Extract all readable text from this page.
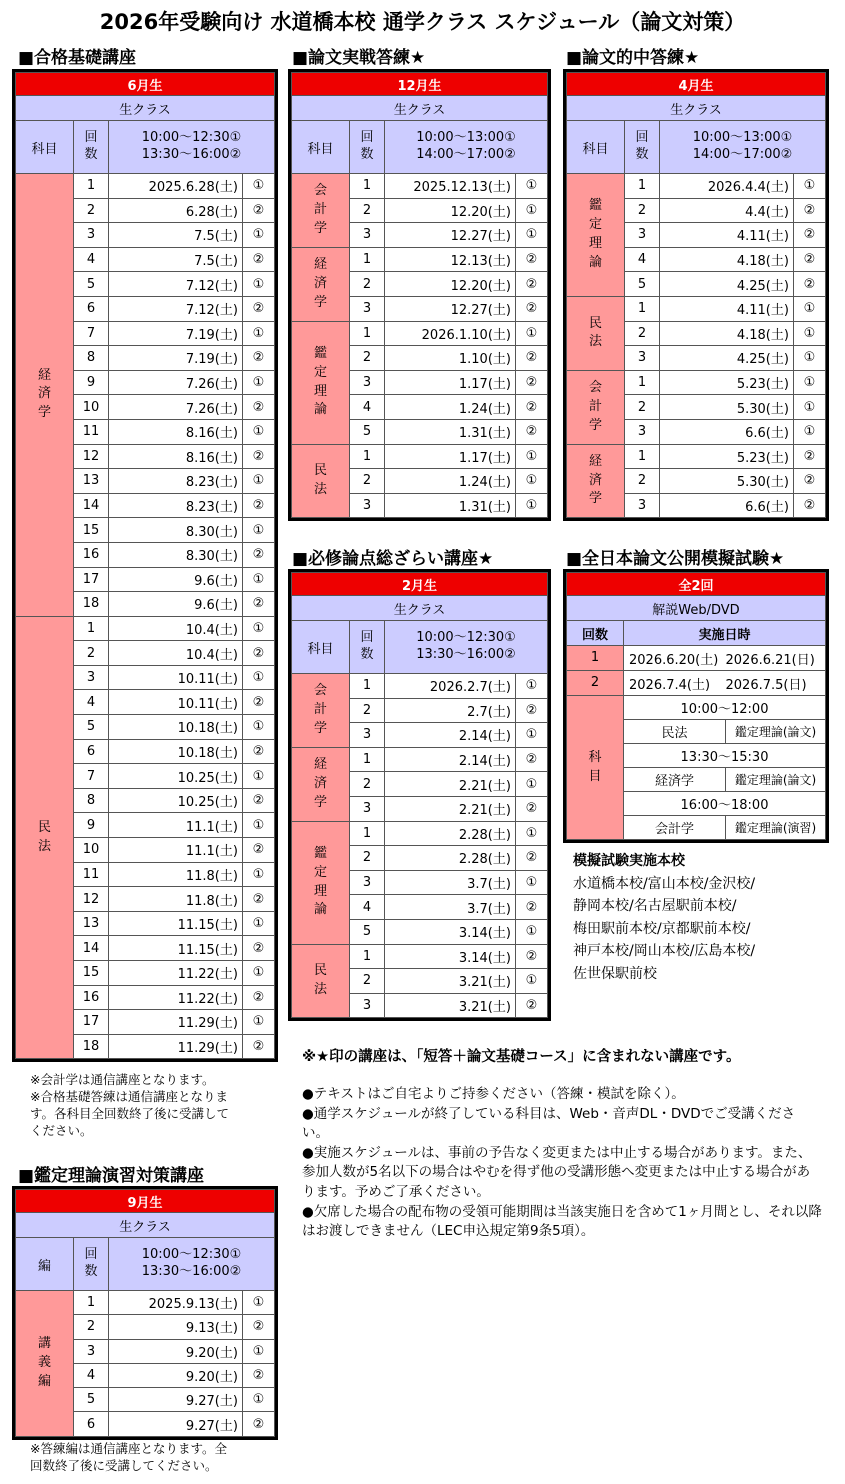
2026年受験向け 水道橋本校 通学クラス スケジュール（論文対策）
■合格基礎講座	■論文実戦答練★	■論文的中答練★
■必修論点総ざらい講座★	■全日本論文公開模擬試験★
■鑑定理論演習対策講座
6月生			
生クラス			
科目	回
数	10:00～12:30①
13:30～16:00②	
経
済
学	1	2025.6.28(土)	①
	2	6.28(土)	②
	3	7.5(土)	①
	4	7.5(土)	②
	5	7.12(土)	①
	6	7.12(土)	②
	7	7.19(土)	①
	8	7.19(土)	②
	9	7.26(土)	①
	10	7.26(土)	②
	11	8.16(土)	①
	12	8.16(土)	②
	13	8.23(土)	①
	14	8.23(土)	②
	15	8.30(土)	①
	16	8.30(土)	②
	17	9.6(土)	①
	18	9.6(土)	②
民
法	1	10.4(土)	①
	2	10.4(土)	②
	3	10.11(土)	①
	4	10.11(土)	②
	5	10.18(土)	①
	6	10.18(土)	②
	7	10.25(土)	①
	8	10.25(土)	②
	9	11.1(土)	①
	10	11.1(土)	②
	11	11.8(土)	①
	12	11.8(土)	②
	13	11.15(土)	①
	14	11.15(土)	②
	15	11.22(土)	①
	16	11.22(土)	②
	17	11.29(土)	①
	18	11.29(土)	②
12月生			
生クラス			
科目	回
数	10:00～13:00①
14:00～17:00②	
会
計
学	1	2025.12.13(土)	①
	2	12.20(土)	①
	3	12.27(土)	①
経
済
学	1	12.13(土)	②
	2	12.20(土)	②
	3	12.27(土)	②
鑑
定
理
論	1	2026.1.10(土)	①
	2	1.10(土)	②
	3	1.17(土)	②
	4	1.24(土)	②
	5	1.31(土)	②
民
法	1	1.17(土)	①
	2	1.24(土)	①
	3	1.31(土)	①
4月生			
生クラス			
科目	回
数	10:00～13:00①
14:00～17:00②	
鑑
定
理
論	1	2026.4.4(土)	①
	2	4.4(土)	②
	3	4.11(土)	②
	4	4.18(土)	②
	5	4.25(土)	②
民
法	1	4.11(土)	①
	2	4.18(土)	①
	3	4.25(土)	①
会
計
学	1	5.23(土)	①
	2	5.30(土)	①
	3	6.6(土)	①
経
済
学	1	5.23(土)	②
	2	5.30(土)	②
	3	6.6(土)	②
2月生			
生クラス			
科目	回
数	10:00～12:30①
13:30～16:00②	
会
計
学	1	2026.2.7(土)	①
	2	2.7(土)	②
	3	2.14(土)	①
経
済
学	1	2.14(土)	②
	2	2.21(土)	①
	3	2.21(土)	②
鑑
定
理
論	1	2.28(土)	①
	2	2.28(土)	②
	3	3.7(土)	①
	4	3.7(土)	②
	5	3.14(土)	①
民
法	1	3.14(土)	②
	2	3.21(土)	①
	3	3.21(土)	②
9月生			
生クラス			
編	回
数	10:00～12:30①
13:30～16:00②	
講
義
編	1	2025.9.13(土)	①
	2	9.13(土)	②
	3	9.20(土)	①
	4	9.20(土)	②
	5	9.27(土)	①
	6	9.27(土)	②
全2回		
解説Web/DVD		
回数	実施日時	
1	2026.6.20(土)	2026.6.21(日)
2	2026.7.4(土)	2026.7.5(日)
科
目	10:00～12:00	
	民法	鑑定理論(論文)
	13:30～15:30	
	経済学	鑑定理論(論文)
	16:00～18:00	
	会計学	鑑定理論(演習)
模擬試験実施本校
水道橋本校/富山本校/金沢校/
静岡本校/名古屋駅前本校/
梅田駅前本校/京都駅前本校/
神戸本校/岡山本校/広島本校/
佐世保駅前校
※会計学は通信講座となります。
※合格基礎答練は通信講座となりま
す。各科目全回数終了後に受講して
ください。
※答練編は通信講座となります。全
回数終了後に受講してください。
※★印の講座は、「短答＋論文基礎コース」に含まれない講座です。
●テキストはご自宅よりご持参ください（答練・模試を除く）。
●通学スケジュールが終了している科目は、Web・音声DL・DVDでご受講ください。
●実施スケジュールは、事前の予告なく変更または中止する場合があります。また、参加人数が5名以下の場合はやむを得ず他の受講形態へ変更または中止する場合があります。予めご了承ください。
●欠席した場合の配布物の受領可能期間は当該実施日を含めて1ヶ月間とし、それ以降はお渡しできません（LEC申込規定第9条5項）。
